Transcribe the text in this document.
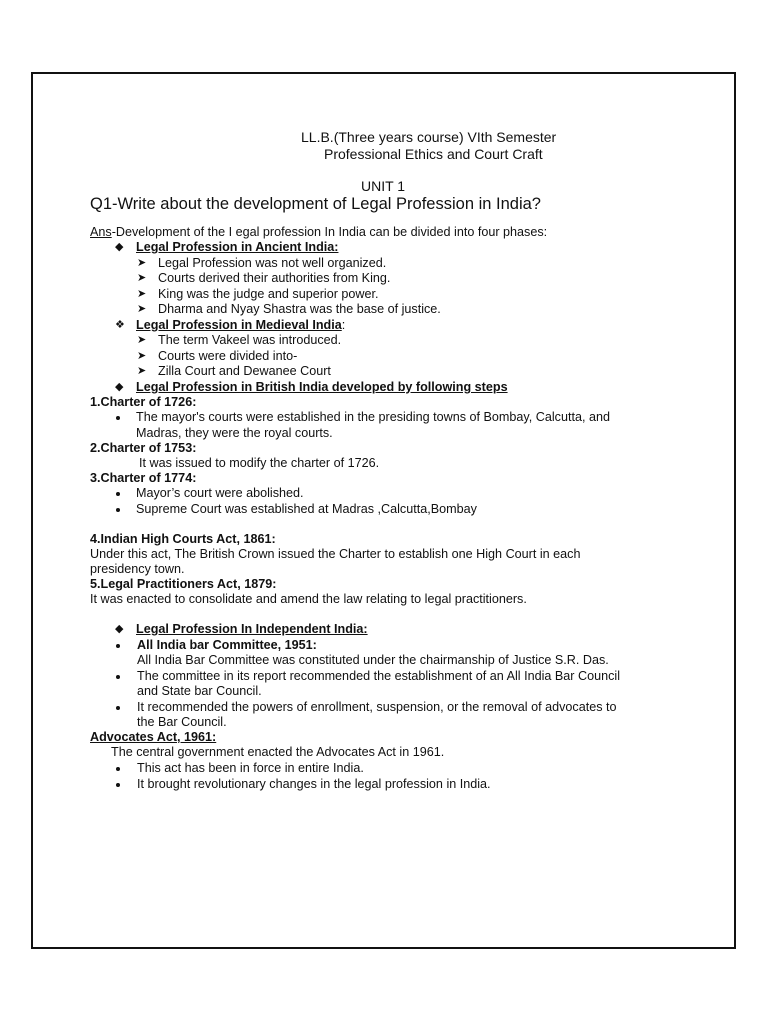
LL.B.(Three years course) VIth Semester
Professional Ethics and Court Craft
UNIT 1
Q1-Write about the development of Legal Profession in India?
Ans-Development of the I egal profession In India can be divided into four phases:
◆ Legal Profession in Ancient India:
➤ Legal Profession was not well organized.
➤ Courts derived their authorities from King.
➤ King was the judge and superior power.
➤ Dharma and Nyay Shastra was the base of justice.
❖ Legal Profession in Medieval India:
➤ The term Vakeel was introduced.
➤ Courts were divided into-
➤ Zilla Court and Dewanee Court
◆ Legal Profession in British India developed by following steps
1.Charter of 1726:
The mayor's courts were established in the presiding towns of Bombay, Calcutta, and
Madras, they were the royal courts.
2.Charter of 1753:
It was issued to modify the charter of 1726.
3.Charter of 1774:
Mayor’s court were abolished.
Supreme Court was established at Madras ,Calcutta,Bombay
4.Indian High Courts Act, 1861:
Under this act, The British Crown issued the Charter to establish one High Court in each
presidency town.
5.Legal Practitioners Act, 1879:
It was enacted to consolidate and amend the law relating to legal practitioners.
◆ Legal Profession In Independent India:
All India bar Committee, 1951:
All India Bar Committee was constituted under the chairmanship of Justice S.R. Das.
The committee in its report recommended the establishment of an All India Bar Council
and State bar Council.
It recommended the powers of enrollment, suspension, or the removal of advocates to
the Bar Council.
Advocates Act, 1961:
The central government enacted the Advocates Act in 1961.
This act has been in force in entire India.
It brought revolutionary changes in the legal profession in India.
